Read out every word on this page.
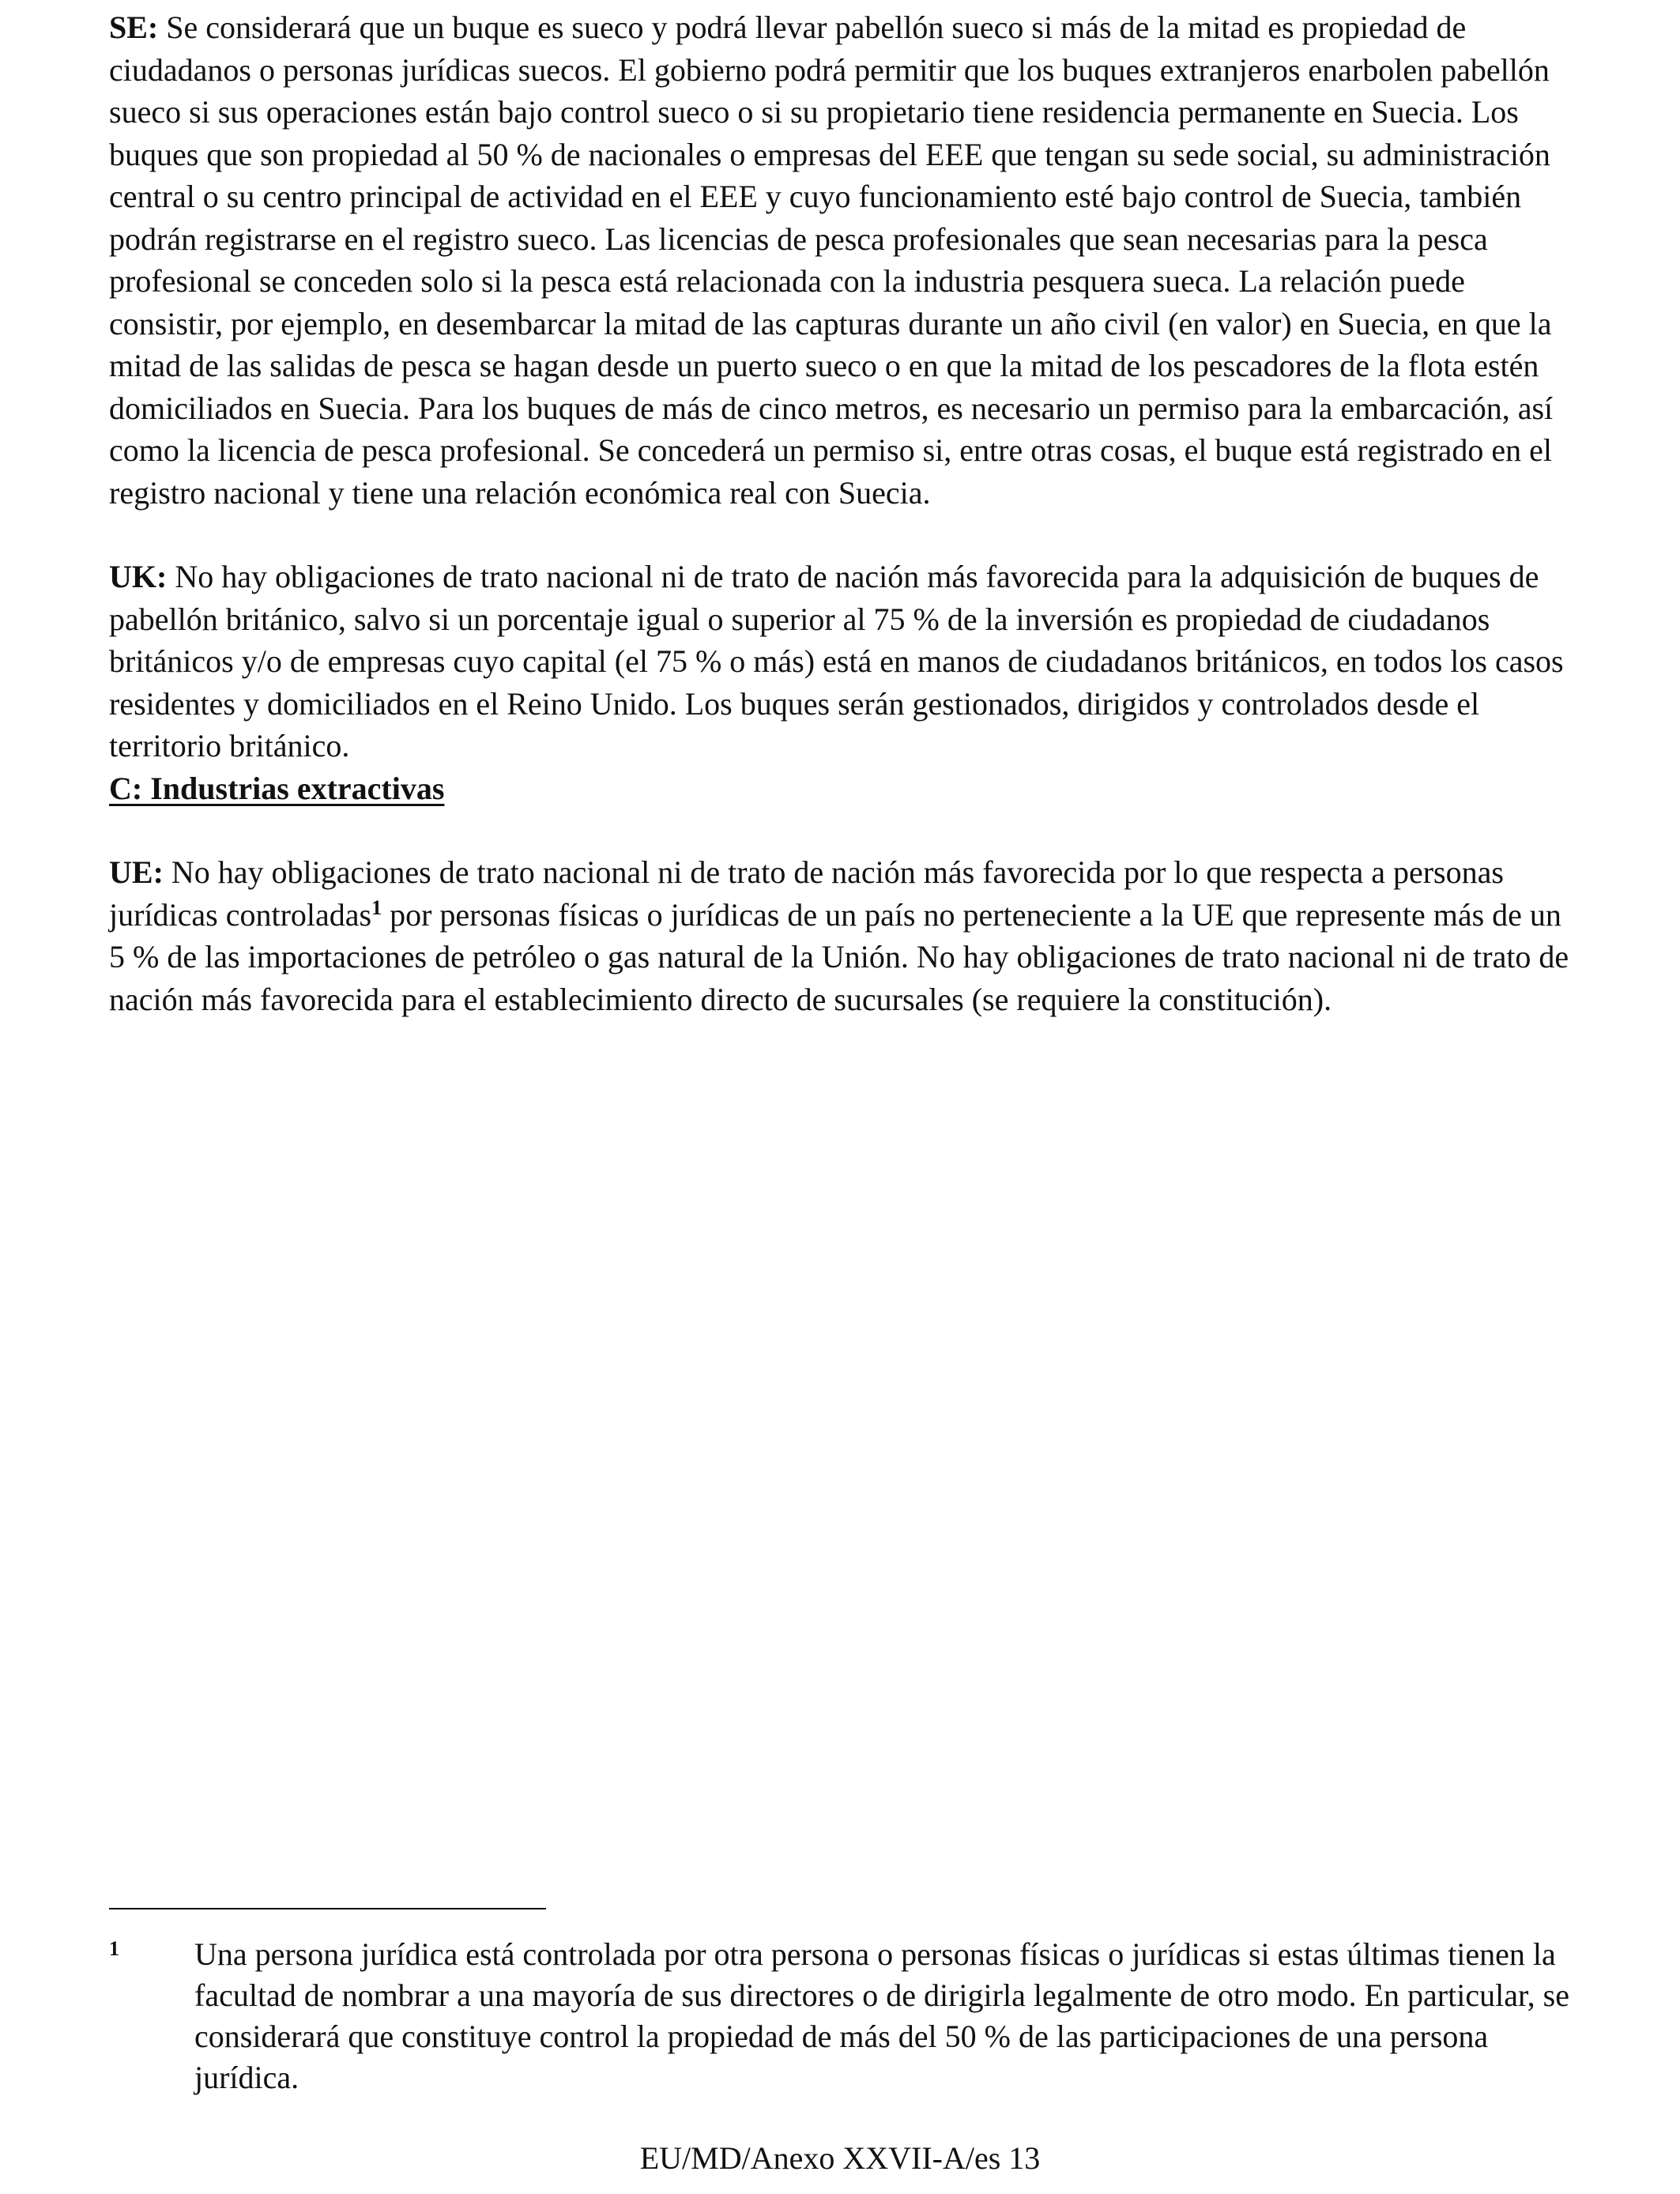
SE: Se considerará que un buque es sueco y podrá llevar pabellón sueco si más de la mitad es propiedad de ciudadanos o personas jurídicas suecos. El gobierno podrá permitir que los buques extranjeros enarbolen pabellón sueco si sus operaciones están bajo control sueco o si su propietario tiene residencia permanente en Suecia. Los buques que son propiedad al 50 % de nacionales o empresas del EEE que tengan su sede social, su administración central o su centro principal de actividad en el EEE y cuyo funcionamiento esté bajo control de Suecia, también podrán registrarse en el registro sueco. Las licencias de pesca profesionales que sean necesarias para la pesca profesional se conceden solo si la pesca está relacionada con la industria pesquera sueca. La relación puede consistir, por ejemplo, en desembarcar la mitad de las capturas durante un año civil (en valor) en Suecia, en que la mitad de las salidas de pesca se hagan desde un puerto sueco o en que la mitad de los pescadores de la flota estén domiciliados en Suecia. Para los buques de más de cinco metros, es necesario un permiso para la embarcación, así como la licencia de pesca profesional. Se concederá un permiso si, entre otras cosas, el buque está registrado en el registro nacional y tiene una relación económica real con Suecia.

UK: No hay obligaciones de trato nacional ni de trato de nación más favorecida para la adquisición de buques de pabellón británico, salvo si un porcentaje igual o superior al 75 % de la inversión es propiedad de ciudadanos británicos y/o de empresas cuyo capital (el 75 % o más) está en manos de ciudadanos británicos, en todos los casos residentes y domiciliados en el Reino Unido. Los buques serán gestionados, dirigidos y controlados desde el territorio británico.

C: Industrias extractivas

UE: No hay obligaciones de trato nacional ni de trato de nación más favorecida por lo que respecta a personas jurídicas controladas$^1$ por personas físicas o jurídicas de un país no perteneciente a la UE que represente más de un 5 % de las importaciones de petróleo o gas natural de la Unión. No hay obligaciones de trato nacional ni de trato de nación más favorecida para el establecimiento directo de sucursales (se requiere la constitución).

1 Una persona jurídica está controlada por otra persona o personas físicas o jurídicas si estas últimas tienen la facultad de nombrar a una mayoría de sus directores o de dirigirla legalmente de otro modo. En particular, se considerará que constituye control la propiedad de más del 50 % de las participaciones de una persona jurídica.
EU/MD/Anexo XXVII-A/es 13
